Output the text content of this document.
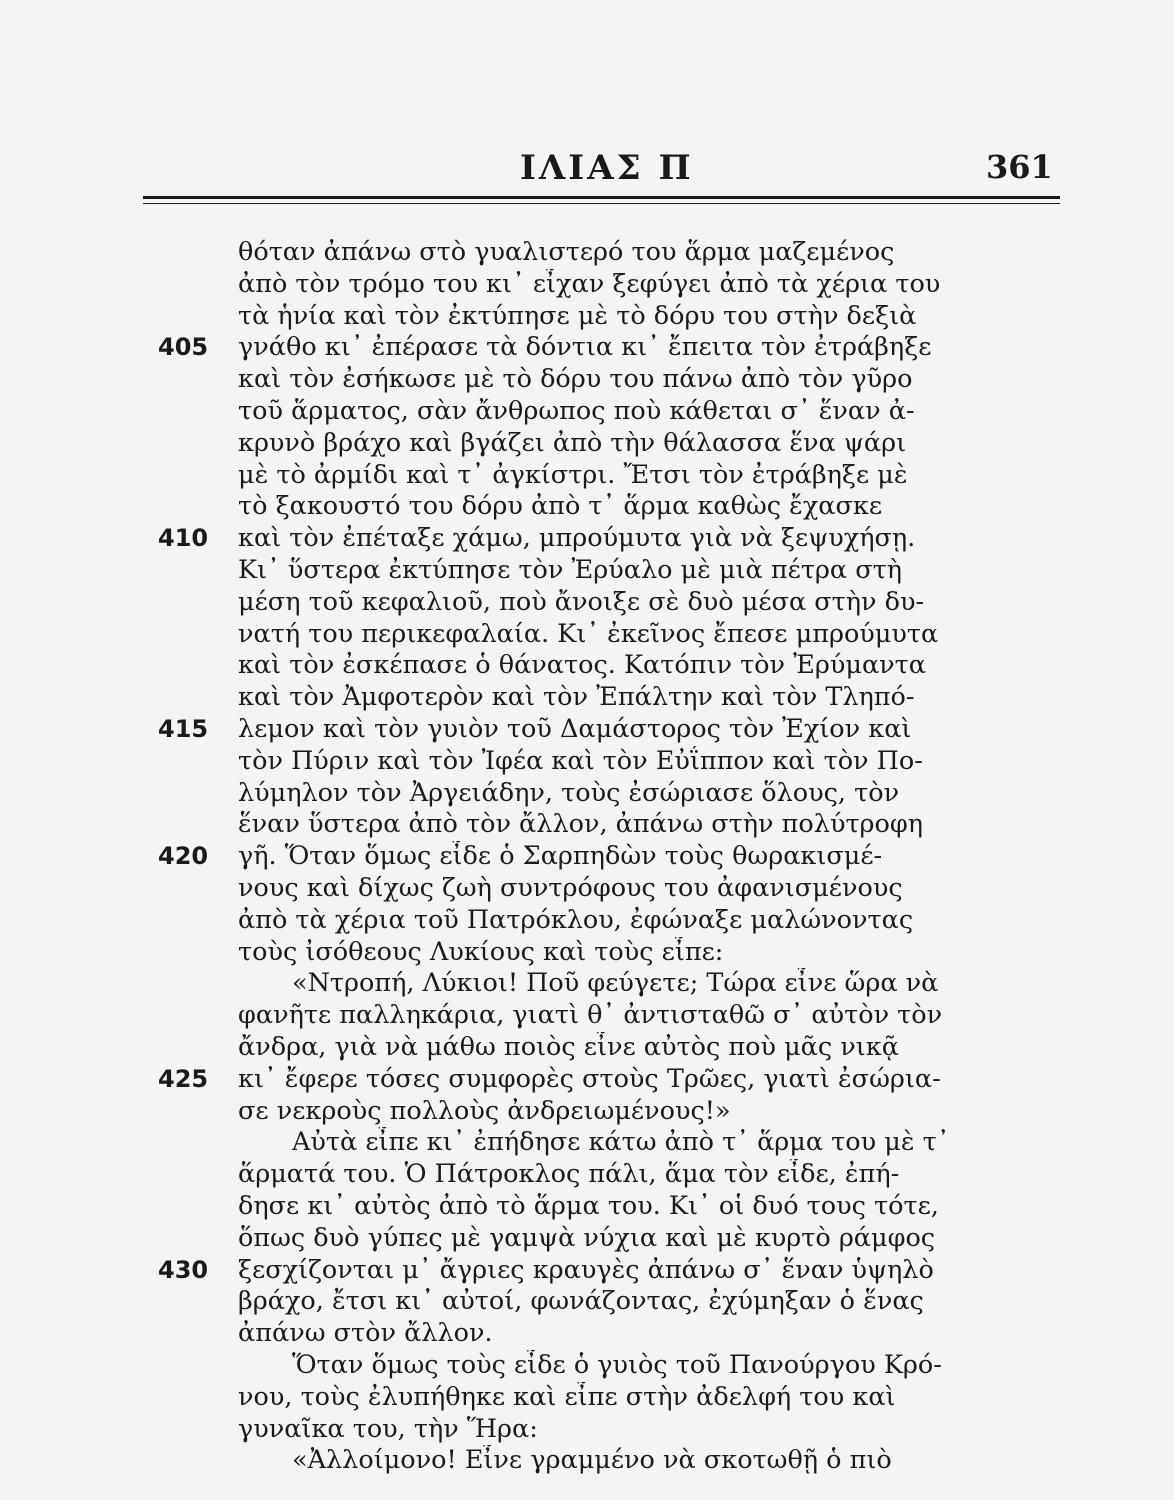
ΙΛΙΑΣ Π	361
θόταν ἀπάνω στὸ γυαλιστερό του ἅρμα μαζεμένος
ἀπὸ τὸν τρόμο του κι᾿ εἶχαν ξεφύγει ἀπὸ τὰ χέρια του
τὰ ἡνία καὶ τὸν ἐκτύπησε μὲ τὸ δόρυ του στὴν δεξιὰ
405	γνάθο κι᾿ ἐπέρασε τὰ δόντια κι᾿ ἔπειτα τὸν ἐτράβηξε
καὶ τὸν ἐσήκωσε μὲ τὸ δόρυ του πάνω ἀπὸ τὸν γῦρο
τοῦ ἅρματος, σὰν ἄνθρωπος ποὺ κάθεται σ᾿ ἕναν ἀ-
κρυνὸ βράχο καὶ βγάζει ἀπὸ τὴν θάλασσα ἕνα ψάρι
μὲ τὸ ἀρμίδι καὶ τ᾿ ἀγκίστρι. Ἔτσι τὸν ἐτράβηξε μὲ
τὸ ξακουστό του δόρυ ἀπὸ τ᾿ ἅρμα καθὼς ἔχασκε
410	καὶ τὸν ἐπέταξε χάμω, μπρούμυτα γιὰ νὰ ξεψυχήσῃ.
Κι᾿ ὕστερα ἐκτύπησε τὸν Ἐρύαλο μὲ μιὰ πέτρα στὴ
μέση τοῦ κεφαλιοῦ, ποὺ ἄνοιξε σὲ δυὸ μέσα στὴν δυ-
νατή του περικεφαλαία. Κι᾿ ἐκεῖνος ἔπεσε μπρούμυτα
καὶ τὸν ἐσκέπασε ὁ θάνατος. Κατόπιν τὸν Ἐρύμαντα
καὶ τὸν Ἀμφοτερὸν καὶ τὸν Ἐπάλτην καὶ τὸν Τληπό-
415	λεμον καὶ τὸν γυιὸν τοῦ Δαμάστορος τὸν Ἐχίον καὶ
τὸν Πύριν καὶ τὸν Ἰφέα καὶ τὸν Εὐΐππον καὶ τὸν Πο-
λύμηλον τὸν Ἀργειάδην, τοὺς ἐσώριασε ὅλους, τὸν
ἕναν ὕστερα ἀπὸ τὸν ἄλλον, ἀπάνω στὴν πολύτροφη
420	γῆ. Ὅταν ὅμως εἶδε ὁ Σαρπηδὼν τοὺς θωρακισμέ-
νους καὶ δίχως ζωὴ συντρόφους του ἀφανισμένους
ἀπὸ τὰ χέρια τοῦ Πατρόκλου, ἐφώναξε μαλώνοντας
τοὺς ἰσόθεους Λυκίους καὶ τοὺς εἶπε:
«Ντροπή, Λύκιοι! Ποῦ φεύγετε; Τώρα εἶνε ὥρα νὰ
φανῆτε παλληκάρια, γιατὶ θ᾿ ἀντισταθῶ σ᾿ αὐτὸν τὸν
ἄνδρα, γιὰ νὰ μάθω ποιὸς εἶνε αὐτὸς ποὺ μᾶς νικᾷ
425	κι᾿ ἔφερε τόσες συμφορὲς στοὺς Τρῶες, γιατὶ ἐσώρια-
σε νεκροὺς πολλοὺς ἀνδρειωμένους!»
Αὐτὰ εἶπε κι᾿ ἐπήδησε κάτω ἀπὸ τ᾿ ἅρμα του μὲ τ᾿
ἅρματά του. Ὁ Πάτροκλος πάλι, ἅμα τὸν εἶδε, ἐπή-
δησε κι᾿ αὐτὸς ἀπὸ τὸ ἅρμα του. Κι᾿ οἱ δυό τους τότε,
ὅπως δυὸ γύπες μὲ γαμψὰ νύχια καὶ μὲ κυρτὸ ράμφος
430	ξεσχίζονται μ᾿ ἄγριες κραυγὲς ἀπάνω σ᾿ ἕναν ὑψηλὸ
βράχο, ἔτσι κι᾿ αὐτοί, φωνάζοντας, ἐχύμηξαν ὁ ἕνας
ἀπάνω στὸν ἄλλον.
Ὅταν ὅμως τοὺς εἶδε ὁ γυιὸς τοῦ Πανούργου Κρό-
νου, τοὺς ἐλυπήθηκε καὶ εἶπε στὴν ἀδελφή του καὶ
γυναῖκα του, τὴν Ἥρα:
«Ἀλλοίμονο! Εἶνε γραμμένο νὰ σκοτωθῇ ὁ πιὸ
